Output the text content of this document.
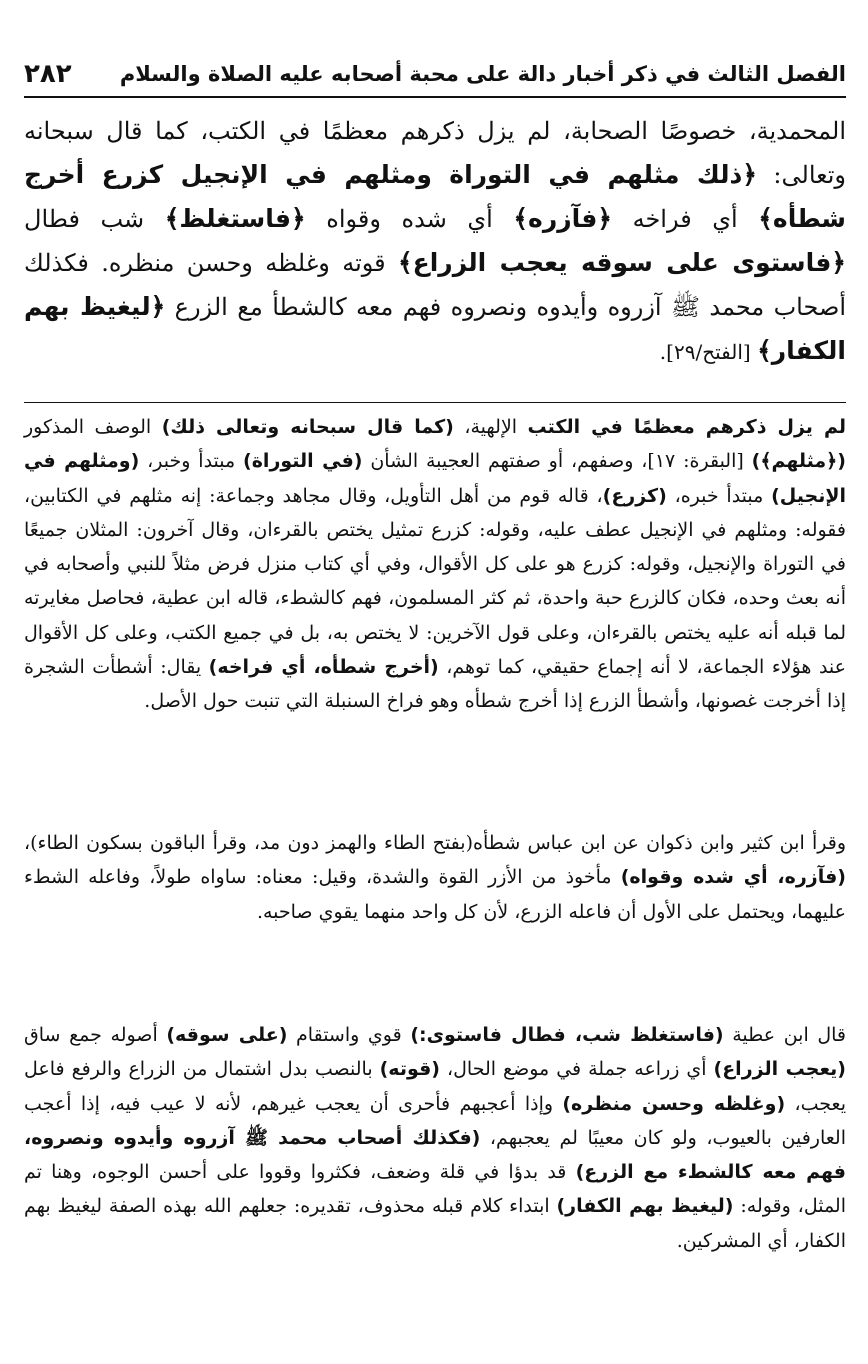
الفصل الثالث في ذكر أخبار دالة على محبة أصحابه عليه الصلاة والسلام
٢٨٢

المحمدية، خصوصًا الصحابة، لم يزل ذكرهم معظمًا في الكتب، كما قال سبحانه وتعالى: ﴿ذلك مثلهم في التوراة ومثلهم في الإنجيل كزرع أخرج شطأه﴾ أي فراخه ﴿فآزره﴾ أي شده وقواه ﴿فاستغلظ﴾ شب فطال ﴿فاستوى على سوقه يعجب الزراع﴾ قوته وغلظه وحسن منظره. فكذلك أصحاب محمد ﷺ آزروه وأيدوه ونصروه فهم معه كالشطأ مع الزرع ﴿ليغيظ بهم الكفار﴾ [الفتح/٢٩].

لم يزل ذكرهم معظمًا في الكتب الإلهية، (كما قال سبحانه وتعالى ذلك) الوصف المذكور (﴿مثلهم﴾) [البقرة: ١٧]، وصفهم، أو صفتهم العجيبة الشأن (في التوراة) مبتدأ وخبر، (ومثلهم في الإنجيل) مبتدأ خبره، (كزرع)، قاله قوم من أهل التأويل، وقال مجاهد وجماعة: إنه مثلهم في الكتابين، فقوله: ومثلهم في الإنجيل عطف عليه، وقوله: كزرع تمثيل يختص بالقرءان، وقال آخرون: المثلان جميعًا في التوراة والإنجيل، وقوله: كزرع هو على كل الأقوال، وفي أي كتاب منزل فرض مثلاً للنبي وأصحابه في أنه بعث وحده، فكان كالزرع حبة واحدة، ثم كثر المسلمون، فهم كالشطء، قاله ابن عطية، فحاصل مغايرته لما قبله أنه عليه يختص بالقرءان، وعلى قول الآخرين: لا يختص به، بل في جميع الكتب، وعلى كل الأقوال عند هؤلاء الجماعة، لا أنه إجماع حقيقي، كما توهم، (أخرج شطأه، أي فراخه) يقال: أشطأت الشجرة إذا أخرجت غصونها، وأشطأ الزرع إذا أخرج شطأه وهو فراخ السنبلة التي تنبت حول الأصل.

وقرأ ابن كثير وابن ذكوان عن ابن عباس شطأه(بفتح الطاء والهمز دون مد، وقرأ الباقون بسكون الطاء)، (فآزره، أي شده وقواه) مأخوذ من الأزر القوة والشدة، وقيل: معناه: ساواه طولاً، وفاعله الشطء عليهما، ويحتمل على الأول أن فاعله الزرع، لأن كل واحد منهما يقوي صاحبه.

قال ابن عطية (فاستغلظ شب، فطال فاستوى:) قوي واستقام (على سوقه) أصوله جمع ساق (يعجب الزراع) أي زراعه جملة في موضع الحال، (قوته) بالنصب بدل اشتمال من الزراع والرفع فاعل يعجب، (وغلظه وحسن منظره) وإذا أعجبهم فأحرى أن يعجب غيرهم، لأنه لا عيب فيه، إذا أعجب العارفين بالعيوب، ولو كان معيبًا لم يعجبهم، (فكذلك أصحاب محمد ﷺ آزروه وأيدوه ونصروه، فهم معه كالشطء مع الزرع) قد بدؤا في قلة وضعف، فكثروا وقووا على أحسن الوجوه، وهنا تم المثل، وقوله: (ليغيظ بهم الكفار) ابتداء كلام قبله محذوف، تقديره: جعلهم الله بهذه الصفة ليغيظ بهم الكفار، أي المشركين.
